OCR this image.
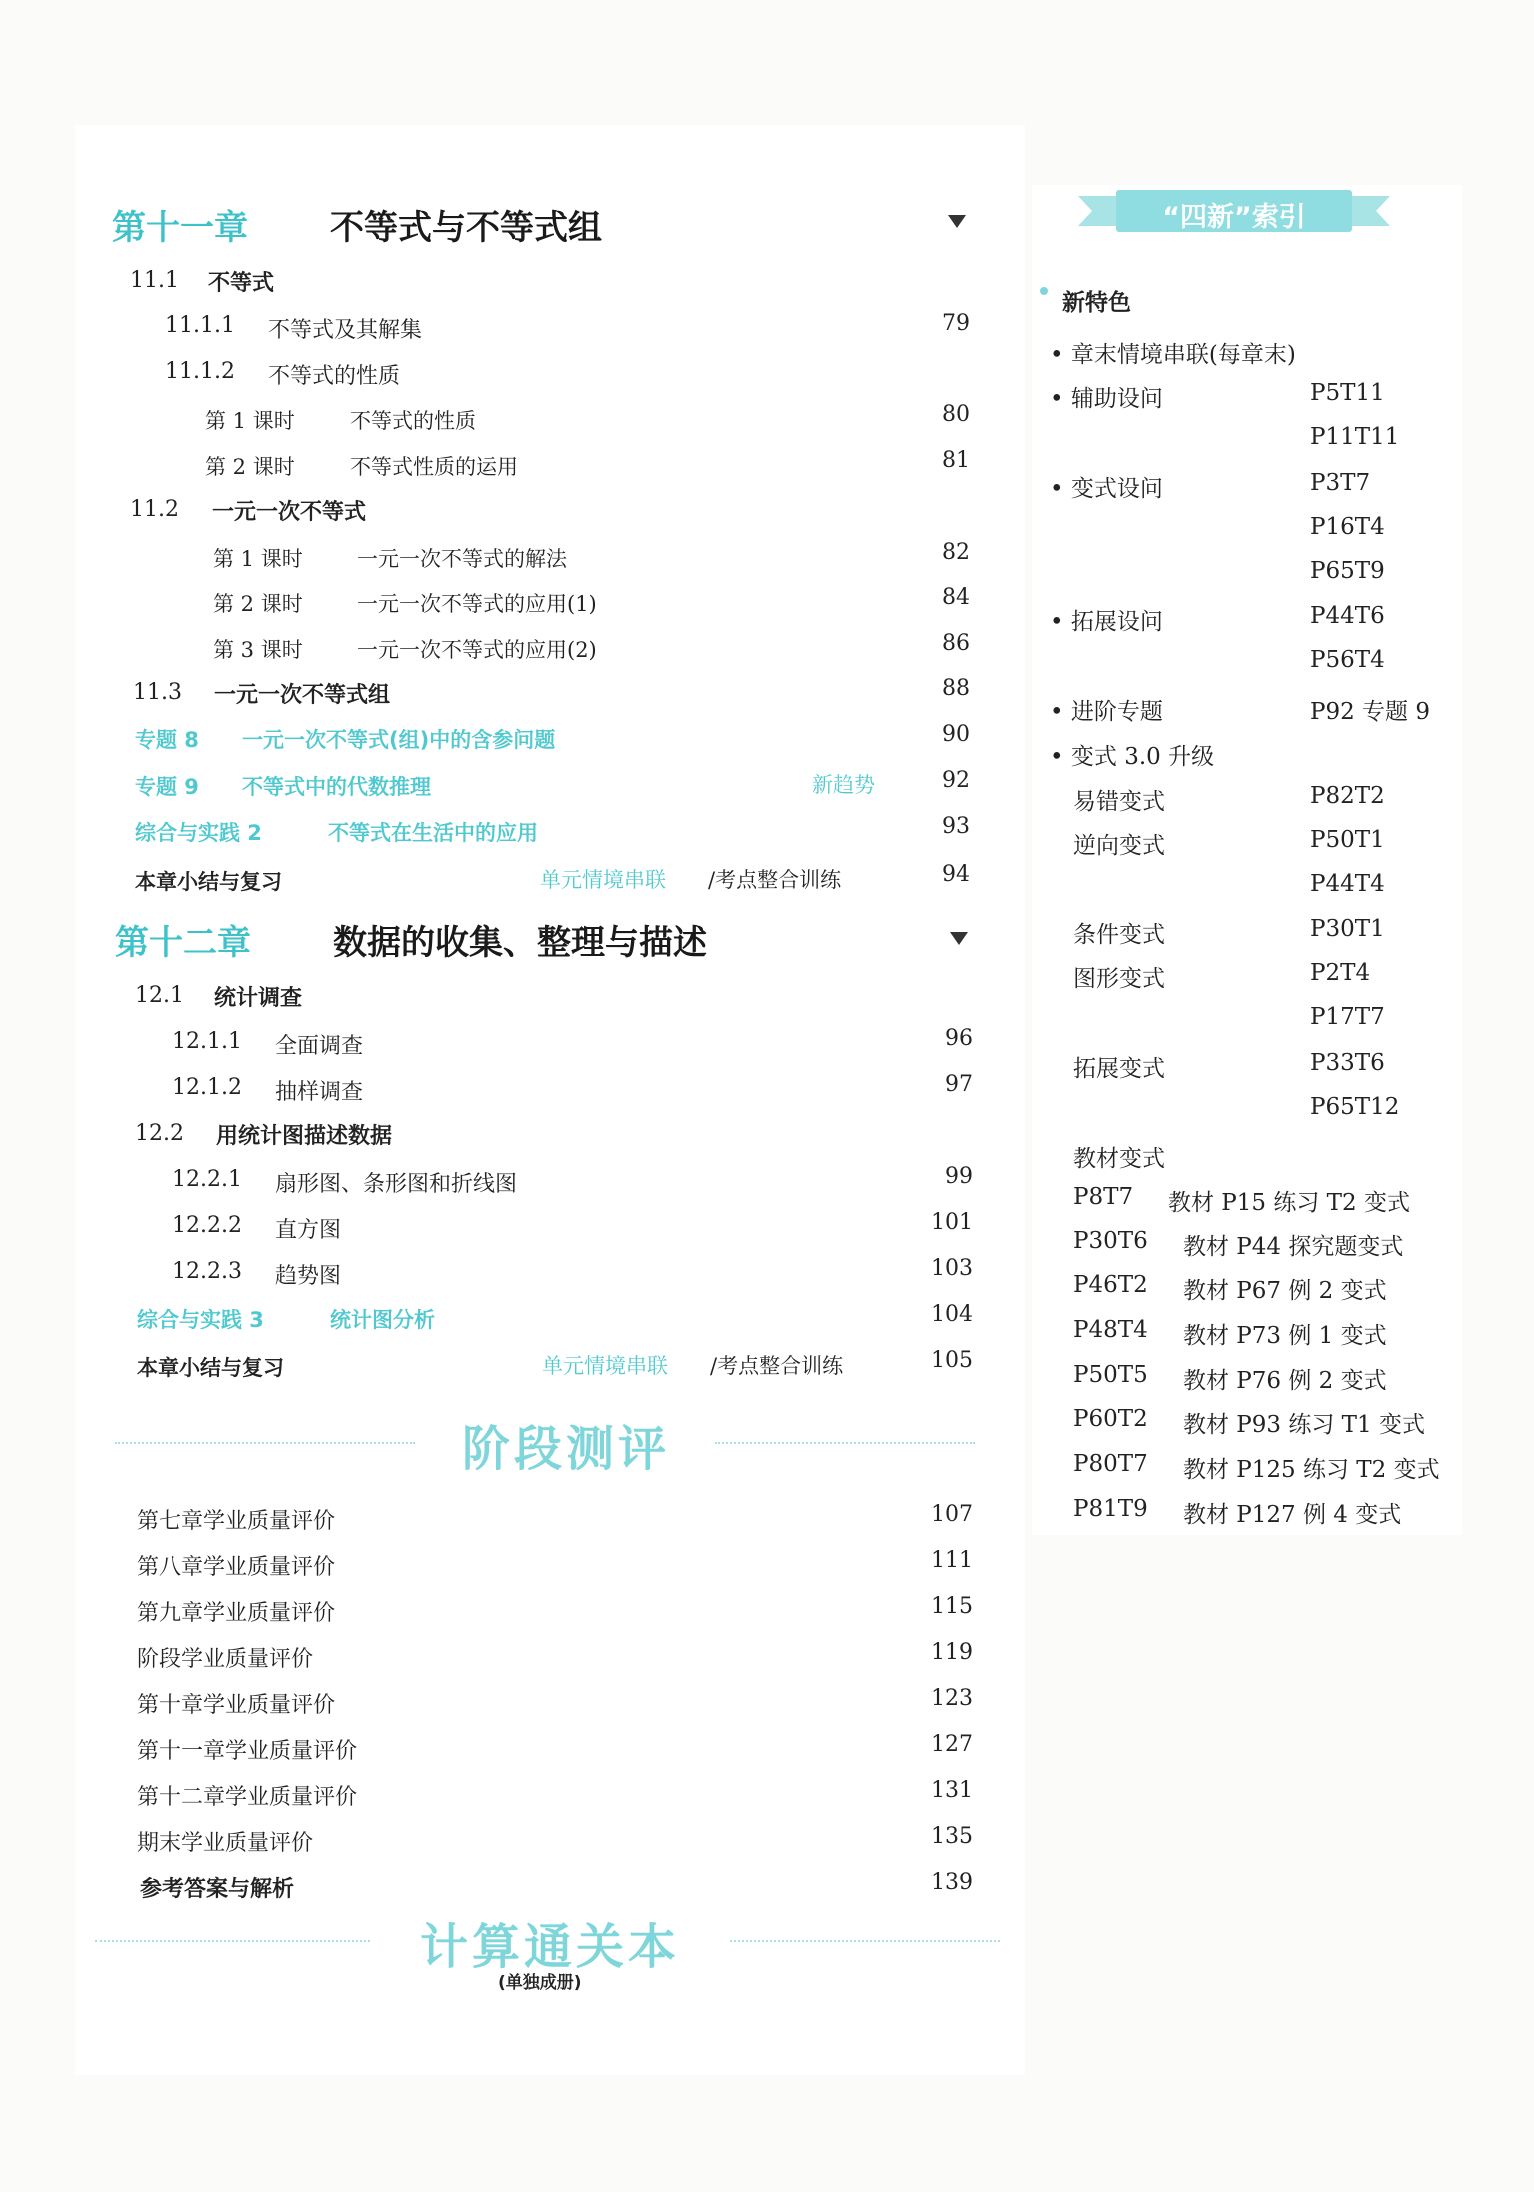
第十一章 不等式与不等式组
11.1 不等式
11.1.1 不等式及其解集	79
11.1.2 不等式的性质
第 1 课时	不等式的性质	80
第 2 课时	不等式性质的运用	81
11.2 一元一次不等式
第 1 课时	一元一次不等式的解法	82
第 2 课时	一元一次不等式的应用(1)	84
第 3 课时	一元一次不等式的应用(2)	86
11.3 一元一次不等式组	88
专题 8 一元一次不等式(组)中的含参问题	90
专题 9 不等式中的代数推理	新趋势	92
综合与实践 2	不等式在生活中的应用	93
本章小结与复习	单元情境串联 /考点整合训练	94
第十二章 数据的收集、整理与描述
12.1 统计调查
12.1.1 全面调查	96
12.1.2 抽样调查	97
12.2 用统计图描述数据
12.2.1 扇形图、条形图和折线图	99
12.2.2 直方图	101
12.2.3 趋势图	103
综合与实践 3	统计图分析	104
本章小结与复习	单元情境串联 /考点整合训练	105
阶段测评
第七章学业质量评价	107
第八章学业质量评价	111
第九章学业质量评价	115
阶段学业质量评价	119
第十章学业质量评价	123
第十一章学业质量评价	127
第十二章学业质量评价	131
期末学业质量评价	135
参考答案与解析	139
计算通关本
(单独成册)
“四新”索引
新特色
• 章末情境串联(每章末)
• 辅助设问	P5T11
P11T11
• 变式设问	P3T7
P16T4
P65T9
• 拓展设问	P44T6
P56T4
• 进阶专题	P92 专题 9
• 变式 3.0 升级
易错变式	P82T2
逆向变式	P50T1
P44T4
条件变式	P30T1
图形变式	P2T4
P17T7
拓展变式	P33T6
P65T12
教材变式
P8T7 教材 P15 练习 T2 变式
P30T6 教材 P44 探究题变式
P46T2 教材 P67 例 2 变式
P48T4 教材 P73 例 1 变式
P50T5 教材 P76 例 2 变式
P60T2 教材 P93 练习 T1 变式
P80T7 教材 P125 练习 T2 变式
P81T9 教材 P127 例 4 变式
